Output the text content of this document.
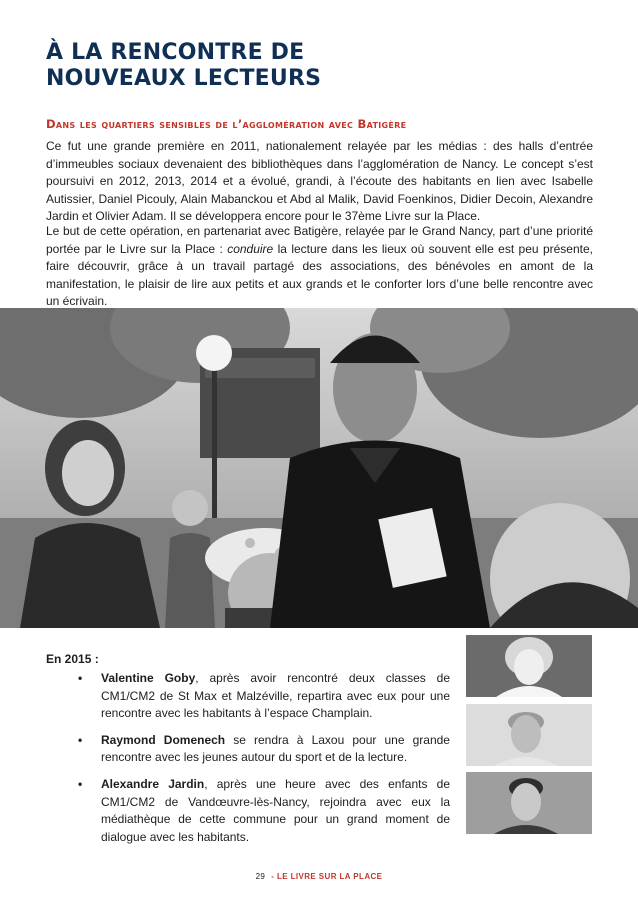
À LA RENCONTRE DE
NOUVEAUX LECTEURS
Dans les quartiers sensibles de l’agglomération avec Batigère

Ce fut une grande première en 2011, nationalement relayée par les médias : des halls d’entrée d’immeubles sociaux devenaient des bibliothèques dans l’agglomération de Nancy. Le concept s’est poursuivi en 2012, 2013, 2014 et a évolué, grandi, à l’écoute des habitants en lien avec Isabelle Autissier, Daniel Picouly, Alain Mabanckou et Abd al Malik, David Foenkinos, Didier Decoin, Alexandre Jardin et Olivier Adam. Il se développera encore pour le 37ème Livre sur la Place.

Le but de cette opération, en partenariat avec Batigère, relayée par le Grand Nancy, part d’une priorité portée par le Livre sur la Place : conduire la lecture dans les lieux où souvent elle est peu présente, faire découvrir, grâce à un travail partagé des associations, des bénévoles en amont de la manifestation, le plaisir de lire aux petits et aux grands et le conforter lors d’une belle rencontre avec un écrivain.

En 2015 :

• Valentine Goby, après avoir rencontré deux classes de CM1/CM2 de St Max et Malzéville, repartira avec eux pour une rencontre avec les habitants à l’espace Champlain.
• Raymond Domenech se rendra à Laxou pour une grande rencontre avec les jeunes autour du sport et de la lecture.
• Alexandre Jardin, après une heure avec des enfants de CM1/CM2 de Vandœuvre-lès-Nancy, rejoindra avec eux la médiathèque de cette commune pour un grand moment de dialogue avec les habitants.
29 - LE LIVRE SUR LA PLACE
